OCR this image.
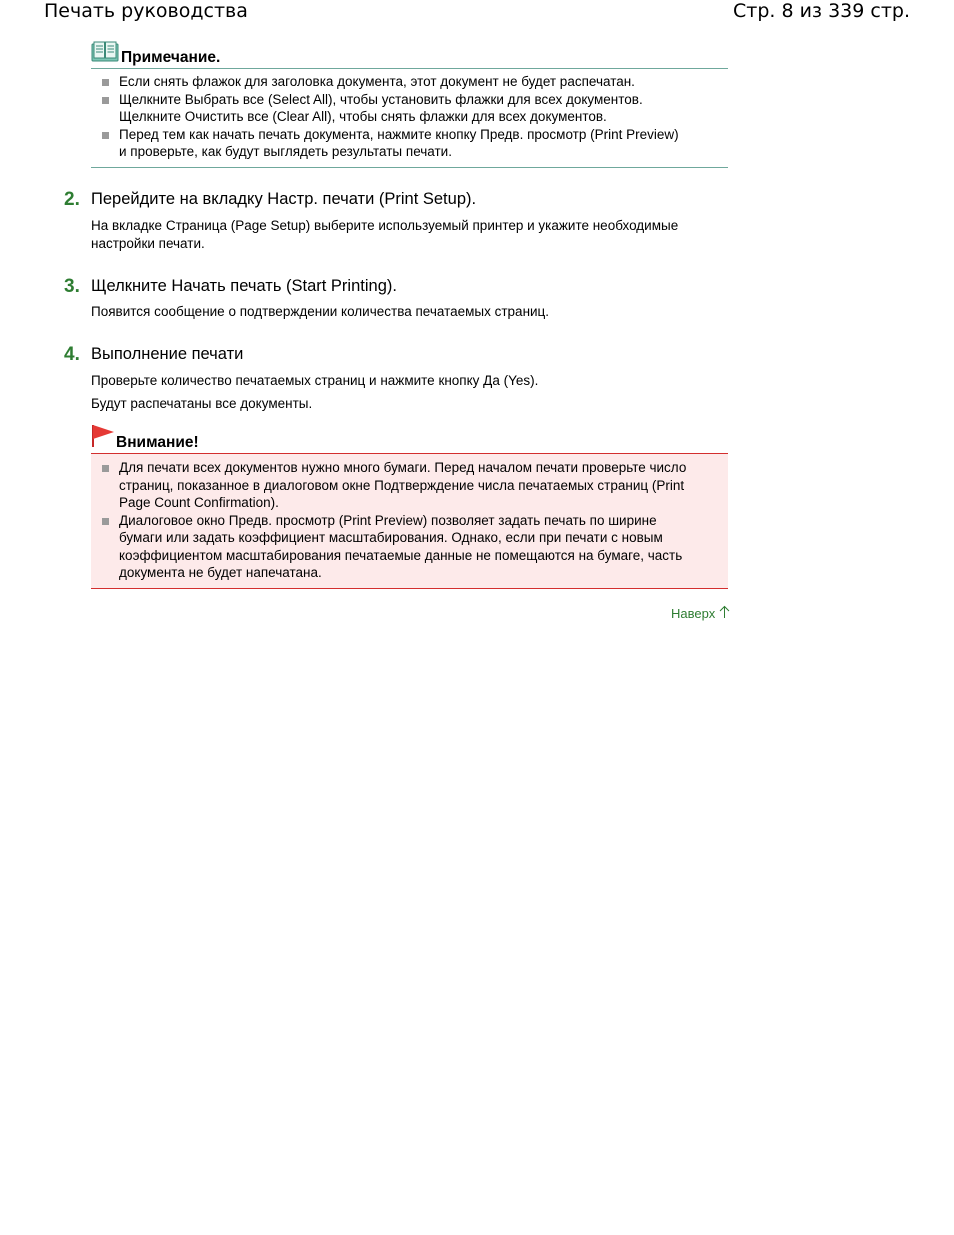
Печать руководства	Стр. 8 из 339 стр.
Примечание.
Если снять флажок для заголовка документа, этот документ не будет распечатан.
Щелкните Выбрать все (Select All), чтобы установить флажки для всех документов.
Щелкните Очистить все (Clear All), чтобы снять флажки для всех документов.
Перед тем как начать печать документа, нажмите кнопку Предв. просмотр (Print Preview)
и проверьте, как будут выглядеть результаты печати.
2. Перейдите на вкладку Настр. печати (Print Setup).
На вкладке Страница (Page Setup) выберите используемый принтер и укажите необходимые настройки печати.
3. Щелкните Начать печать (Start Printing).
Появится сообщение о подтверждении количества печатаемых страниц.
4. Выполнение печати
Проверьте количество печатаемых страниц и нажмите кнопку Да (Yes).
Будут распечатаны все документы.
Внимание!
Для печати всех документов нужно много бумаги. Перед началом печати проверьте число
страниц, показанное в диалоговом окне Подтверждение числа печатаемых страниц (Print
Page Count Confirmation).
Диалоговое окно Предв. просмотр (Print Preview) позволяет задать печать по ширине
бумаги или задать коэффициент масштабирования. Однако, если при печати с новым
коэффициентом масштабирования печатаемые данные не помещаются на бумаге, часть
документа не будет напечатана.
Наверх
